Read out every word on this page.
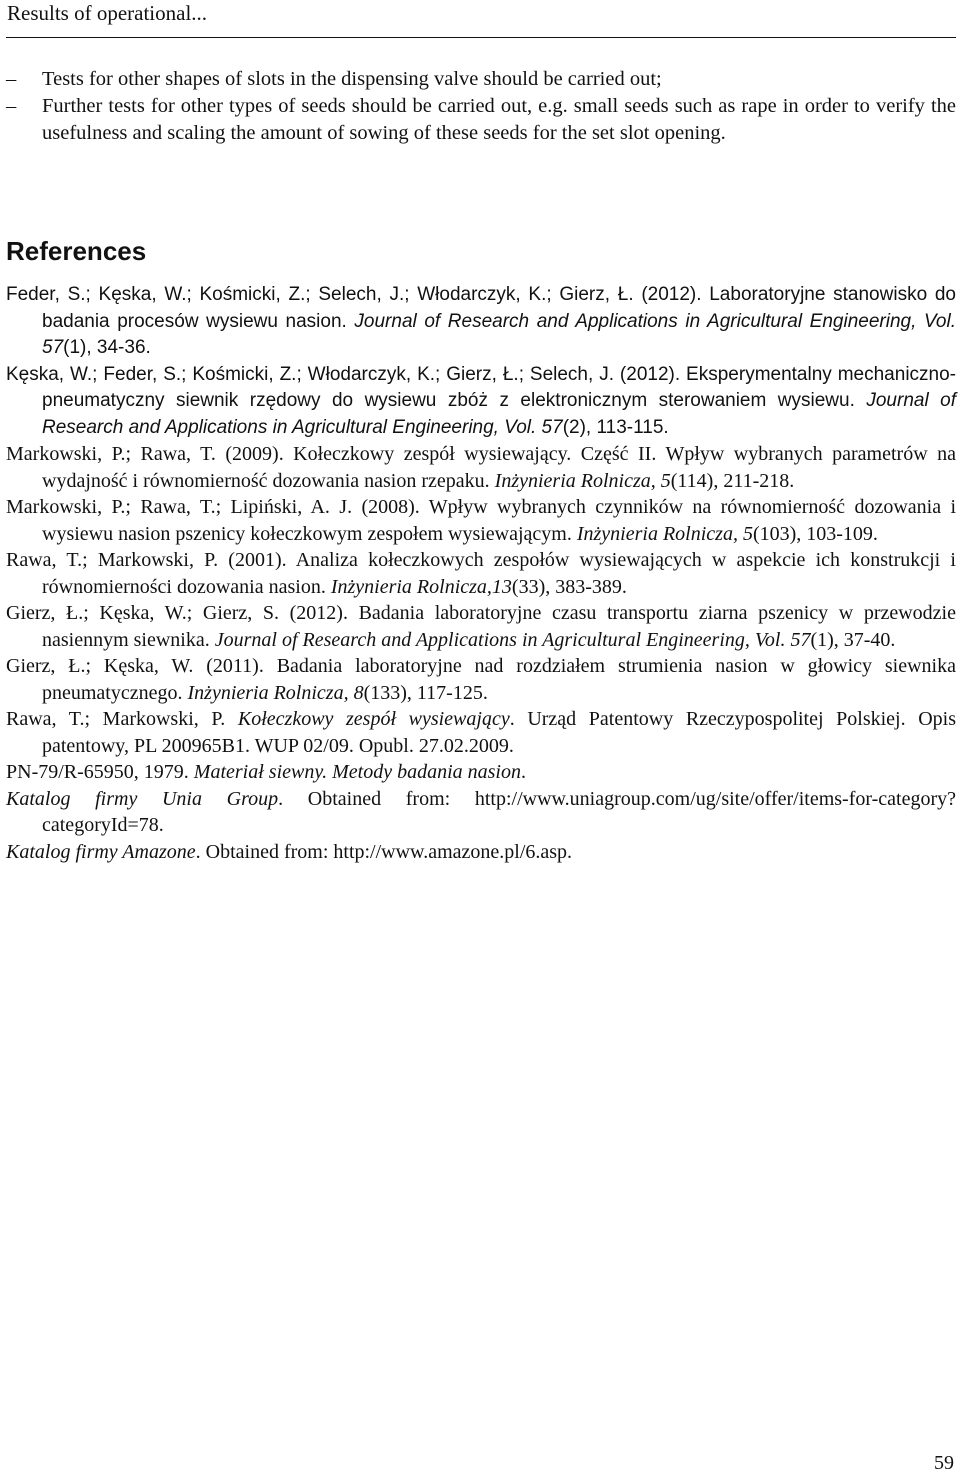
Results of operational...
– Tests for other shapes of slots in the dispensing valve should be carried out;
– Further tests for other types of seeds should be carried out, e.g. small seeds such as rape in order to verify the usefulness and scaling the amount of sowing of these seeds for the set slot opening.
References
Feder, S.; Kęska, W.; Kośmicki, Z.; Selech, J.; Włodarczyk, K.; Gierz, Ł. (2012). Laboratoryjne stanowisko do badania procesów wysiewu nasion. Journal of Research and Applications in Agricultural Engineering, Vol. 57(1), 34-36.
Kęska, W.; Feder, S.; Kośmicki, Z.; Włodarczyk, K.; Gierz, Ł.; Selech, J. (2012). Eksperymentalny mechaniczno-pneumatyczny siewnik rzędowy do wysiewu zbóż z elektronicznym sterowaniem wysiewu. Journal of Research and Applications in Agricultural Engineering, Vol. 57(2), 113-115.
Markowski, P.; Rawa, T. (2009). Kołeczkowy zespół wysiewający. Część II. Wpływ wybranych parametrów na wydajność i równomierność dozowania nasion rzepaku. Inżynieria Rolnicza, 5(114), 211-218.
Markowski, P.; Rawa, T.; Lipiński, A. J. (2008). Wpływ wybranych czynników na równomierność dozowania i wysiewu nasion pszenicy kołeczkowym zespołem wysiewającym. Inżynieria Rolnicza, 5(103), 103-109.
Rawa, T.; Markowski, P. (2001). Analiza kołeczkowych zespołów wysiewających w aspekcie ich konstrukcji i równomierności dozowania nasion. Inżynieria Rolnicza,13(33), 383-389.
Gierz, Ł.; Kęska, W.; Gierz, S. (2012). Badania laboratoryjne czasu transportu ziarna pszenicy w przewodzie nasiennym siewnika. Journal of Research and Applications in Agricultural Engineering, Vol. 57(1), 37-40.
Gierz, Ł.; Kęska, W. (2011). Badania laboratoryjne nad rozdziałem strumienia nasion w głowicy siewnika pneumatycznego. Inżynieria Rolnicza, 8(133), 117-125.
Rawa, T.; Markowski, P. Kołeczkowy zespół wysiewający. Urząd Patentowy Rzeczypospolitej Polskiej. Opis patentowy, PL 200965B1. WUP 02/09. Opubl. 27.02.2009.
PN-79/R-65950, 1979. Materiał siewny. Metody badania nasion.
Katalog firmy Unia Group. Obtained from: http://www.uniagroup.com/ug/site/offer/items-for-category?categoryId=78.
Katalog firmy Amazone. Obtained from: http://www.amazone.pl/6.asp.
59
